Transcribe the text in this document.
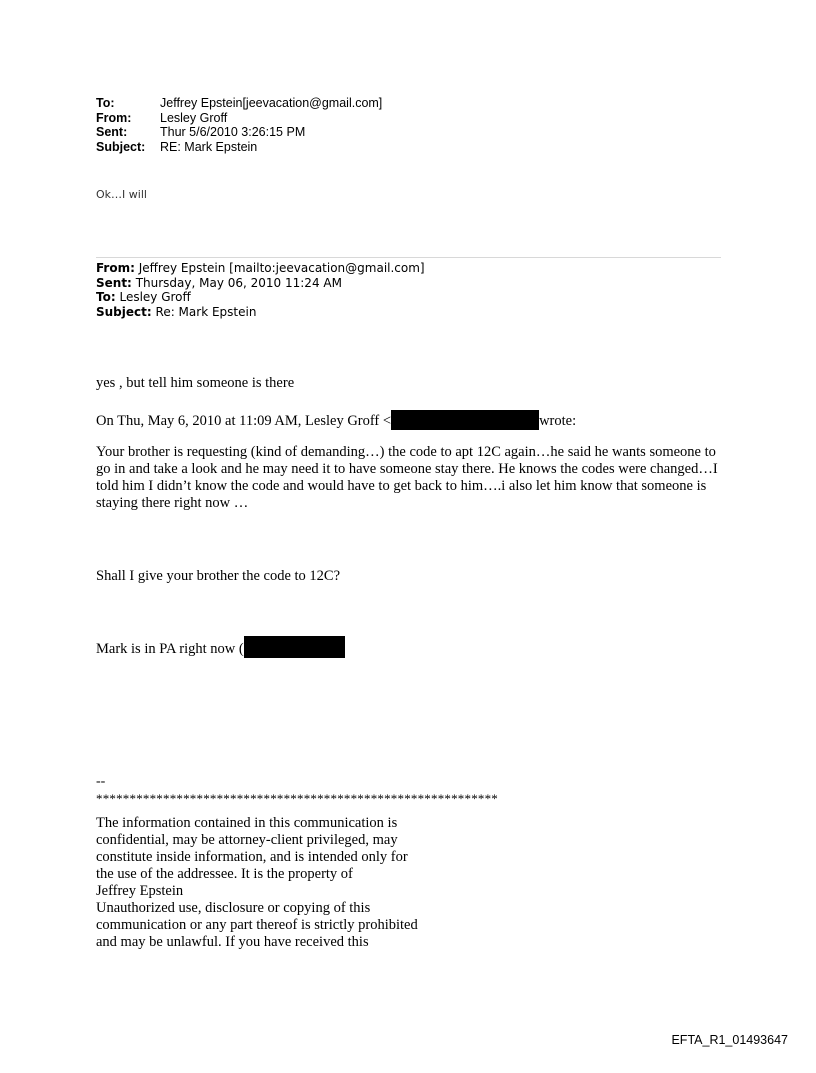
To:	Jeffrey Epstein[jeevacation@gmail.com]
From:	Lesley Groff
Sent:	Thur 5/6/2010 3:26:15 PM
Subject:	RE: Mark Epstein
Ok…I will
From: Jeffrey Epstein [mailto:jeevacation@gmail.com]
Sent: Thursday, May 06, 2010 11:24 AM
To: Lesley Groff
Subject: Re: Mark Epstein
yes , but tell him someone is there
On Thu, May 6, 2010 at 11:09 AM, Lesley Groff <	wrote:
Your brother is requesting (kind of demanding…) the code to apt 12C again…he said he wants someone to go in and take a look and he may need it to have someone stay there. He knows the codes were changed…I told him I didn’t know the code and would have to get back to him….i also let him know that someone is staying there right now …
Shall I give your brother the code to 12C?
Mark is in PA right now (
--
************************************************************
The information contained in this communication is
confidential, may be attorney-client privileged, may
constitute inside information, and is intended only for
the use of the addressee. It is the property of
Jeffrey Epstein
Unauthorized use, disclosure or copying of this
communication or any part thereof is strictly prohibited
and may be unlawful. If you have received this
EFTA_R1_01493647
